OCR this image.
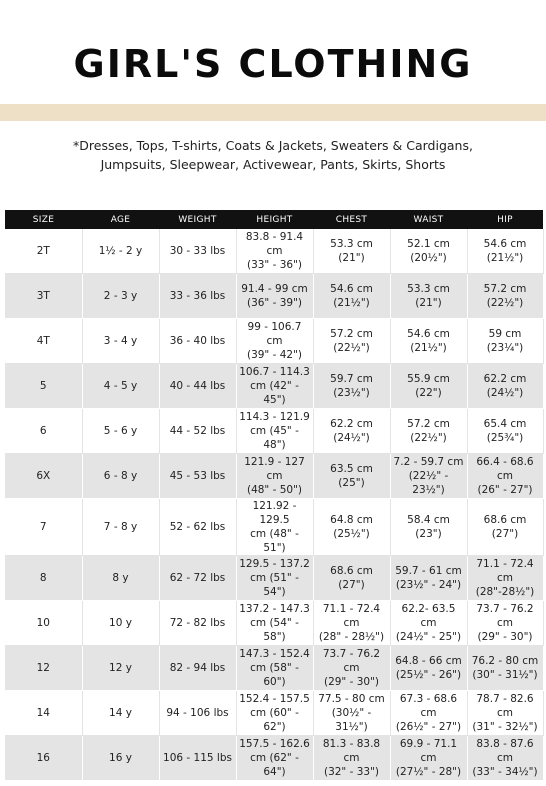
GIRL'S CLOTHING
*Dresses, Tops, T-shirts, Coats & Jackets, Sweaters & Cardigans,
Jumpsuits, Sleepwear, Activewear, Pants, Skirts, Shorts
SIZE	AGE	WEIGHT	HEIGHT	CHEST	WAIST	HIP
2T	1½ - 2 y	30 - 33 lbs	83.8 - 91.4 cm
(33" - 36")	53.3 cm
(21")	52.1 cm
(20½")	54.6 cm
(21½")

3T	2 - 3 y	33 - 36 lbs	91.4 - 99 cm
(36" - 39")	54.6 cm
(21½")	53.3 cm
(21")	57.2 cm
(22½")

4T	3 - 4 y	36 - 40 lbs	99 - 106.7 cm
(39" - 42")	57.2 cm
(22½")	54.6 cm
(21½")	59 cm
(23¼")

5	4 - 5 y	40 - 44 lbs	106.7 - 114.3
cm (42" - 45")	59.7 cm
(23½")	55.9 cm
(22")	62.2 cm
(24½")

6	5 - 6 y	44 - 52 lbs	114.3 - 121.9
cm (45" - 48")	62.2 cm
(24½")	57.2 cm
(22½")	65.4 cm
(25¾")

6X	6 - 8 y	45 - 53 lbs	121.9 - 127 cm
(48" - 50")	63.5 cm
(25")	7.2 - 59.7 cm
(22½" - 23½")	66.4 - 68.6 cm
(26" - 27")

7	7 - 8 y	52 - 62 lbs	121.92 - 129.5
cm (48" - 51")	64.8 cm
(25½")	58.4 cm
(23")	68.6 cm
(27")

8	8 y	62 - 72 lbs	129.5 - 137.2
cm (51" - 54")	68.6 cm
(27")	59.7 - 61 cm
(23½" - 24")	71.1 - 72.4 cm
(28"-28½")

10	10 y	72 - 82 lbs	137.2 - 147.3
cm (54" - 58")	71.1 - 72.4 cm
(28" - 28½")	62.2- 63.5 cm
(24½" - 25")	73.7 - 76.2 cm
(29" - 30")

12	12 y	82 - 94 lbs	147.3 - 152.4
cm (58" - 60")	73.7 - 76.2 cm
(29" - 30")	64.8 - 66 cm
(25½" - 26")	76.2 - 80 cm
(30" - 31½")

14	14 y	94 - 106 lbs	152.4 - 157.5
cm (60" - 62")	77.5 - 80 cm
(30½" - 31½")	67.3 - 68.6 cm
(26½" - 27")	78.7 - 82.6 cm
(31" - 32½")

16	16 y	106 - 115 lbs	157.5 - 162.6
cm (62" - 64")	81.3 - 83.8 cm
(32" - 33")	69.9 - 71.1 cm
(27½" - 28")	83.8 - 87.6 cm
(33" - 34½")
